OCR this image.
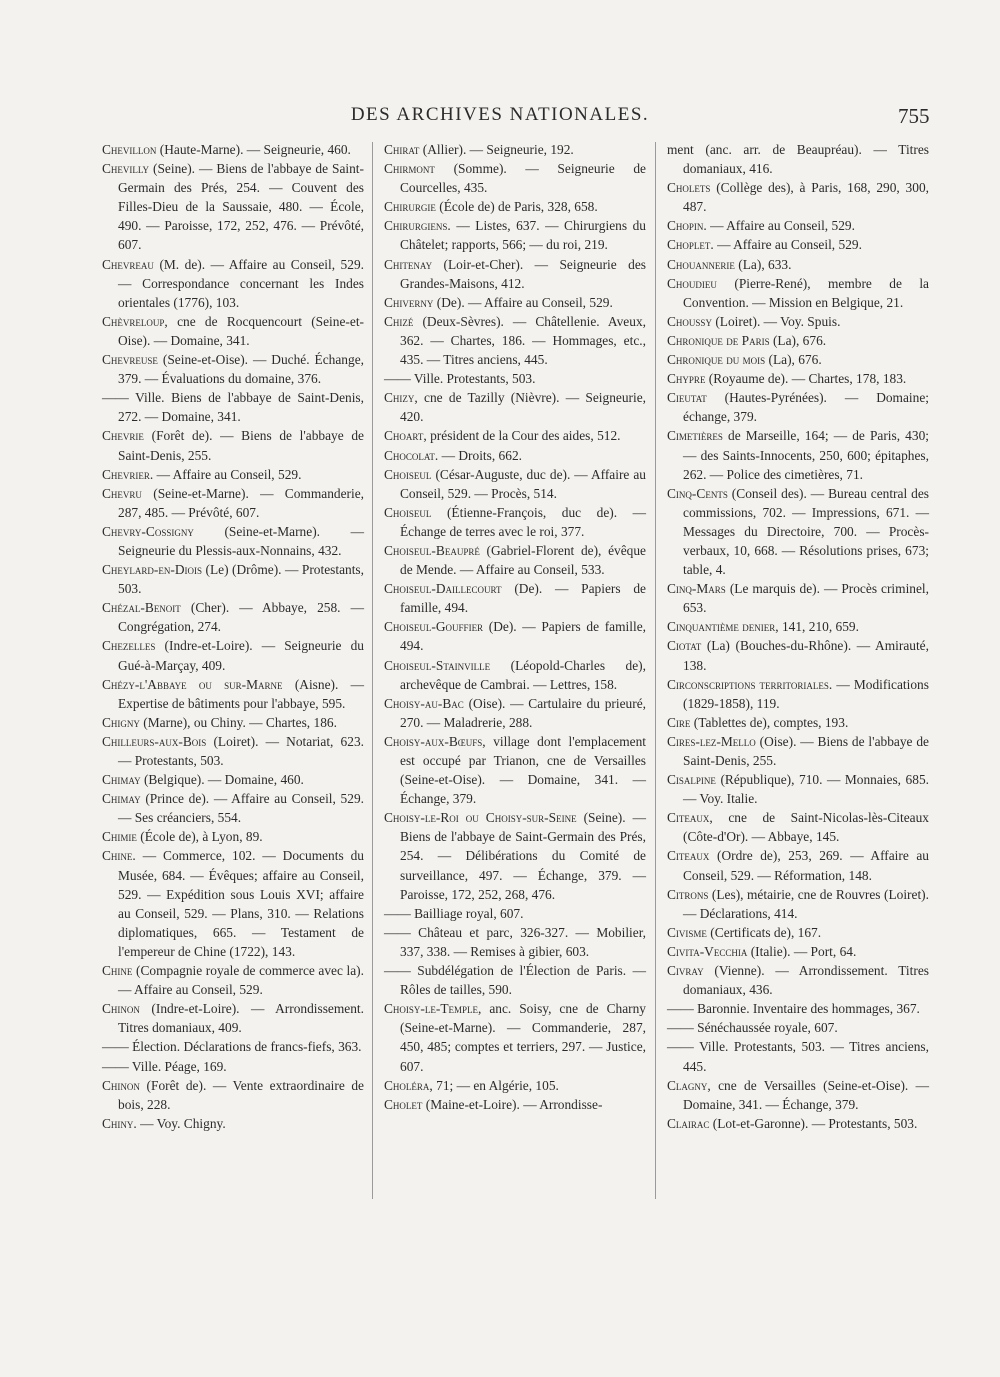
DES ARCHIVES NATIONALES.	755
Chevillon (Haute-Marne). — Seigneurie, 460.
Chevilly (Seine). — Biens de l'abbaye de Saint-Germain des Prés, 254. — Couvent des Filles-Dieu de la Saussaie, 480. — École, 490. — Paroisse, 172, 252, 476. — Prévôté, 607.
Chevreau (M. de). — Affaire au Conseil, 529. — Correspondance concernant les Indes orientales (1776), 103.
Chèvreloup, cne de Rocquencourt (Seine-et-Oise). — Domaine, 341.
Chevreuse (Seine-et-Oise). — Duché. Échange, 379. — Évaluations du domaine, 376.
—— Ville. Biens de l'abbaye de Saint-Denis, 272. — Domaine, 341.
Chevrie (Forêt de). — Biens de l'abbaye de Saint-Denis, 255.
Chevrier. — Affaire au Conseil, 529.
Chevru (Seine-et-Marne). — Commanderie, 287, 485. — Prévôté, 607.
Chevry-Cossigny (Seine-et-Marne). — Seigneurie du Plessis-aux-Nonnains, 432.
Cheylard-en-Diois (Le) (Drôme). — Protestants, 503.
Chézal-Benoit (Cher). — Abbaye, 258. — Congrégation, 274.
Chezelles (Indre-et-Loire). — Seigneurie du Gué-à-Marçay, 409.
Chézy-l'Abbaye ou sur-Marne (Aisne). — Expertise de bâtiments pour l'abbaye, 595.
Chigny (Marne), ou Chiny. — Chartes, 186.
Chilleurs-aux-Bois (Loiret). — Notariat, 623. — Protestants, 503.
Chimay (Belgique). — Domaine, 460.
Chimay (Prince de). — Affaire au Conseil, 529. — Ses créanciers, 554.
Chimie (École de), à Lyon, 89.
Chine. — Commerce, 102. — Documents du Musée, 684. — Évêques; affaire au Conseil, 529. — Expédition sous Louis XVI; affaire au Conseil, 529. — Plans, 310. — Relations diplomatiques, 665. — Testament de l'empereur de Chine (1722), 143.
Chine (Compagnie royale de commerce avec la). — Affaire au Conseil, 529.
Chinon (Indre-et-Loire). — Arrondissement. Titres domaniaux, 409.
—— Élection. Déclarations de francs-fiefs, 363.
—— Ville. Péage, 169.
Chinon (Forêt de). — Vente extraordinaire de bois, 228.
Chiny. — Voy. Chigny.
Chirat (Allier). — Seigneurie, 192.
Chirmont (Somme). — Seigneurie de Courcelles, 435.
Chirurgie (École de) de Paris, 328, 658.
Chirurgiens. — Listes, 637. — Chirurgiens du Châtelet; rapports, 566; — du roi, 219.
Chitenay (Loir-et-Cher). — Seigneurie des Grandes-Maisons, 412.
Chiverny (De). — Affaire au Conseil, 529.
Chizé (Deux-Sèvres). — Châtellenie. Aveux, 362. — Chartes, 186. — Hommages, etc., 435. — Titres anciens, 445.
—— Ville. Protestants, 503.
Chizy, cne de Tazilly (Nièvre). — Seigneurie, 420.
Choart, président de la Cour des aides, 512.
Chocolat. — Droits, 662.
Choiseul (César-Auguste, duc de). — Affaire au Conseil, 529. — Procès, 514.
Choiseul (Étienne-François, duc de). — Échange de terres avec le roi, 377.
Choiseul-Beaupré (Gabriel-Florent de), évêque de Mende. — Affaire au Conseil, 533.
Choiseul-Daillecourt (De). — Papiers de famille, 494.
Choiseul-Gouffier (De). — Papiers de famille, 494.
Choiseul-Stainville (Léopold-Charles de), archevêque de Cambrai. — Lettres, 158.
Choisy-au-Bac (Oise). — Cartulaire du prieuré, 270. — Maladrerie, 288.
Choisy-aux-Bœufs, village dont l'emplacement est occupé par Trianon, cne de Versailles (Seine-et-Oise). — Domaine, 341. — Échange, 379.
Choisy-le-Roi ou Choisy-sur-Seine (Seine). — Biens de l'abbaye de Saint-Germain des Prés, 254. — Délibérations du Comité de surveillance, 497. — Échange, 379. — Paroisse, 172, 252, 268, 476.
—— Bailliage royal, 607.
—— Château et parc, 326-327. — Mobilier, 337, 338. — Remises à gibier, 603.
—— Subdélégation de l'Élection de Paris. — Rôles de tailles, 590.
Choisy-le-Temple, anc. Soisy, cne de Charny (Seine-et-Marne). — Commanderie, 287, 450, 485; comptes et terriers, 297. — Justice, 607.
Choléra, 71; — en Algérie, 105.
Cholet (Maine-et-Loire). — Arrondisse-
ment (anc. arr. de Beaupréau). — Titres domaniaux, 416.
Cholets (Collège des), à Paris, 168, 290, 300, 487.
Chopin. — Affaire au Conseil, 529.
Choplet. — Affaire au Conseil, 529.
Chouannerie (La), 633.
Choudieu (Pierre-René), membre de la Convention. — Mission en Belgique, 21.
Choussy (Loiret). — Voy. Spuis.
Chronique de Paris (La), 676.
Chronique du mois (La), 676.
Chypre (Royaume de). — Chartes, 178, 183.
Cieutat (Hautes-Pyrénées). — Domaine; échange, 379.
Cimetières de Marseille, 164; — de Paris, 430; — des Saints-Innocents, 250, 600; épitaphes, 262. — Police des cimetières, 71.
Cinq-Cents (Conseil des). — Bureau central des commissions, 702. — Impressions, 671. — Messages du Directoire, 700. — Procès-verbaux, 10, 668. — Résolutions prises, 673; table, 4.
Cinq-Mars (Le marquis de). — Procès criminel, 653.
Cinquantième denier, 141, 210, 659.
Ciotat (La) (Bouches-du-Rhône). — Amirauté, 138.
Circonscriptions territoriales. — Modifications (1829-1858), 119.
Cire (Tablettes de), comptes, 193.
Cires-lez-Mello (Oise). — Biens de l'abbaye de Saint-Denis, 255.
Cisalpine (République), 710. — Monnaies, 685. — Voy. Italie.
Citeaux, cne de Saint-Nicolas-lès-Citeaux (Côte-d'Or). — Abbaye, 145.
Citeaux (Ordre de), 253, 269. — Affaire au Conseil, 529. — Réformation, 148.
Citrons (Les), métairie, cne de Rouvres (Loiret). — Déclarations, 414.
Civisme (Certificats de), 167.
Civita-Vecchia (Italie). — Port, 64.
Civray (Vienne). — Arrondissement. Titres domaniaux, 436.
—— Baronnie. Inventaire des hommages, 367.
—— Sénéchaussée royale, 607.
—— Ville. Protestants, 503. — Titres anciens, 445.
Clagny, cne de Versailles (Seine-et-Oise). — Domaine, 341. — Échange, 379.
Clairac (Lot-et-Garonne). — Protestants, 503.
